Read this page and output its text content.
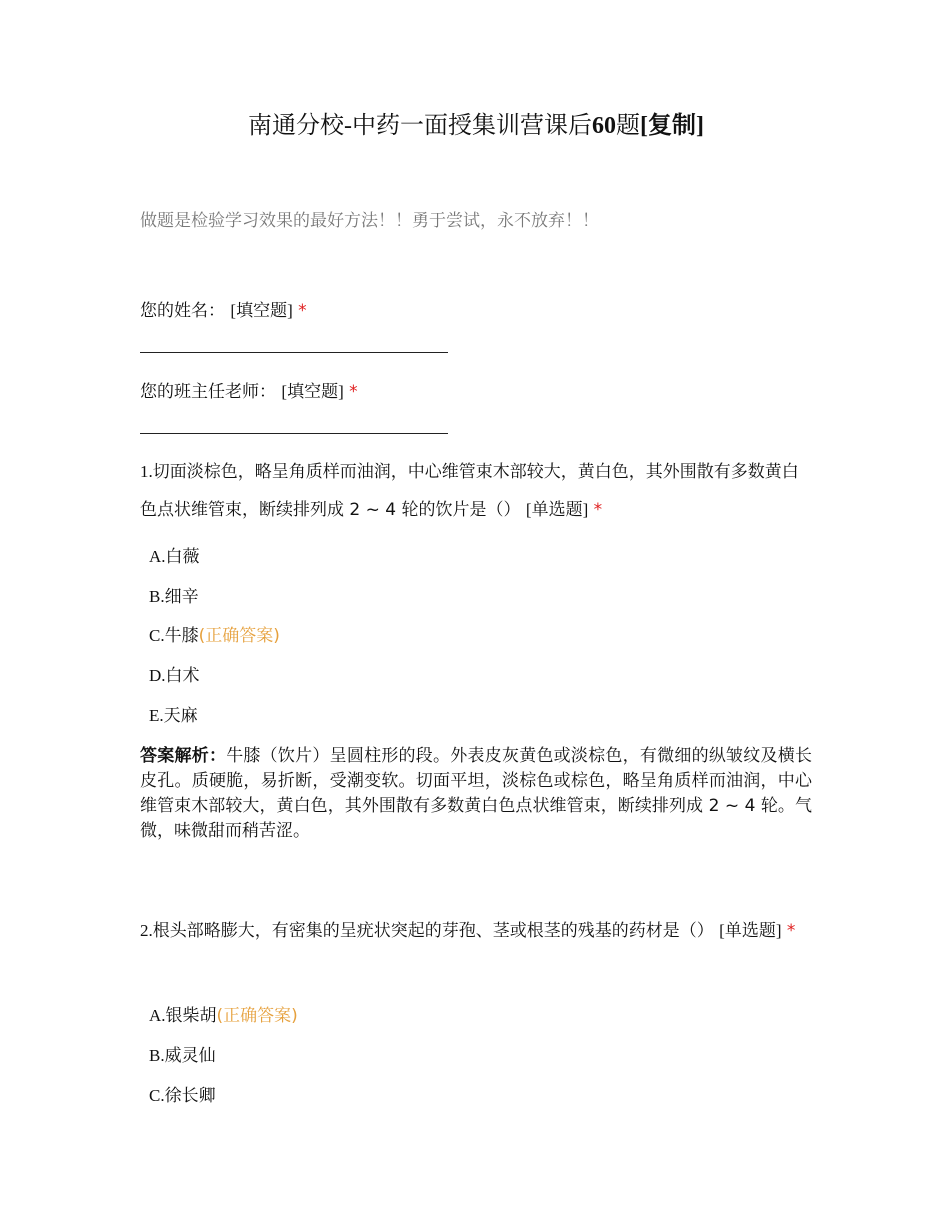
南通分校-中药一面授集训营课后60题[复制]
做题是检验学习效果的最好方法！！勇于尝试，永不放弃！！
您的姓名： [填空题] *
您的班主任老师： [填空题] *
1.切面淡棕色，略呈角质样而油润，中心维管束木部较大，黄白色，其外围散有多数黄白色点状维管束，断续排列成 2 ~ 4 轮的饮片是（） [单选题] *
A.白薇
B.细辛
C.牛膝(正确答案)
D.白术
E.天麻
答案解析：牛膝（饮片）呈圆柱形的段。外表皮灰黄色或淡棕色，有微细的纵皱纹及横长皮孔。质硬脆，易折断，受潮变软。切面平坦，淡棕色或棕色，略呈角质样而油润，中心维管束木部较大，黄白色，其外围散有多数黄白色点状维管束，断续排列成 2 ~ 4 轮。气微，味微甜而稍苦涩。
2.根头部略膨大，有密集的呈疣状突起的芽孢、茎或根茎的残基的药材是（） [单选题] *
A.银柴胡(正确答案)
B.威灵仙
C.徐长卿
